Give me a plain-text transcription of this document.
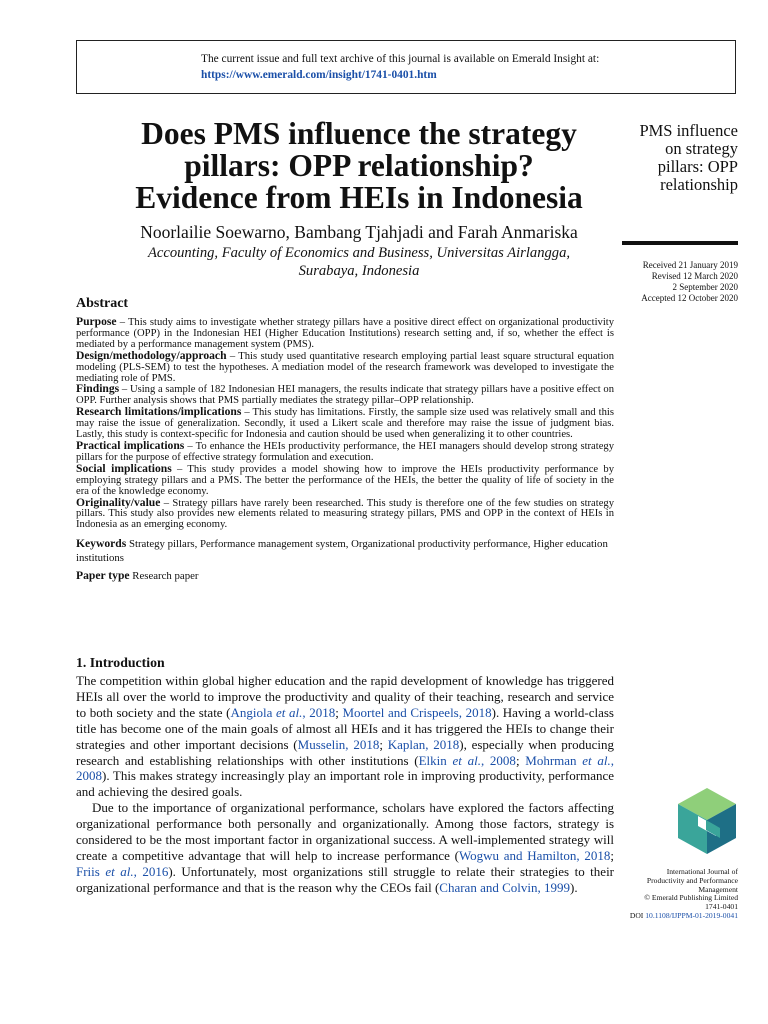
The current issue and full text archive of this journal is available on Emerald Insight at:
https://www.emerald.com/insight/1741-0401.htm
Does PMS influence the strategy
pillars: OPP relationship?
Evidence from HEIs in Indonesia
Noorlailie Soewarno, Bambang Tjahjadi and Farah Anmariska
Accounting, Faculty of Economics and Business, Universitas Airlangga,
Surabaya, Indonesia
PMS influence
on strategy
pillars: OPP
relationship
Received 21 January 2019
Revised 12 March 2020
2 September 2020
Accepted 12 October 2020
Abstract

Purpose – This study aims to investigate whether strategy pillars have a positive direct effect on organizational productivity performance (OPP) in the Indonesian HEI (Higher Education Institutions) research setting and, if so, whether the effect is mediated by a performance management system (PMS).

Design/methodology/approach – This study used quantitative research employing partial least square structural equation modeling (PLS-SEM) to test the hypotheses. A mediation model of the research framework was developed to investigate the mediating role of PMS.

Findings – Using a sample of 182 Indonesian HEI managers, the results indicate that strategy pillars have a positive effect on OPP. Further analysis shows that PMS partially mediates the strategy pillar–OPP relationship.

Research limitations/implications – This study has limitations. Firstly, the sample size used was relatively small and this may raise the issue of generalization. Secondly, it used a Likert scale and therefore may raise the issue of judgment bias. Lastly, this study is context-specific for Indonesia and caution should be used when generalizing it to other countries.

Practical implications – To enhance the HEIs productivity performance, the HEI managers should develop strong strategy pillars for the purpose of effective strategy formulation and execution.

Social implications – This study provides a model showing how to improve the HEIs productivity performance by employing strategy pillars and a PMS. The better the performance of the HEIs, the better the quality of life of society in the era of the knowledge economy.

Originality/value – Strategy pillars have rarely been researched. This study is therefore one of the few studies on strategy pillars. This study also provides new elements related to measuring strategy pillars, PMS and OPP in the context of HEIs in Indonesia as an emerging economy.

Keywords Strategy pillars, Performance management system, Organizational productivity performance, Higher education institutions

Paper type Research paper

1. Introduction

The competition within global higher education and the rapid development of knowledge has triggered HEIs all over the world to improve the productivity and quality of their teaching, research and service to both society and the state (Angiola et al., 2018; Moortel and Crispeels, 2018). Having a world-class title has become one of the main goals of almost all HEIs and it has triggered the HEIs to change their strategies and other important decisions (Musselin, 2018; Kaplan, 2018), especially when producing research and establishing relationships with other institutions (Elkin et al., 2008; Mohrman et al., 2008). This makes strategy increasingly play an important role in improving productivity, performance and achieving the desired goals.

Due to the importance of organizational performance, scholars have explored the factors affecting organizational performance both personally and organizationally. Among those factors, strategy is considered to be the most important factor in organizational success. A well-implemented strategy will create a competitive advantage that will help to increase performance (Wogwu and Hamilton, 2018; Friis et al., 2016). Unfortunately, most organizations still struggle to relate their strategies to their organizational performance and that is the reason why the CEOs fail (Charan and Colvin, 1999).

International Journal of
Productivity and Performance
Management
© Emerald Publishing Limited
1741-0401
DOI 10.1108/IJPPM-01-2019-0041
